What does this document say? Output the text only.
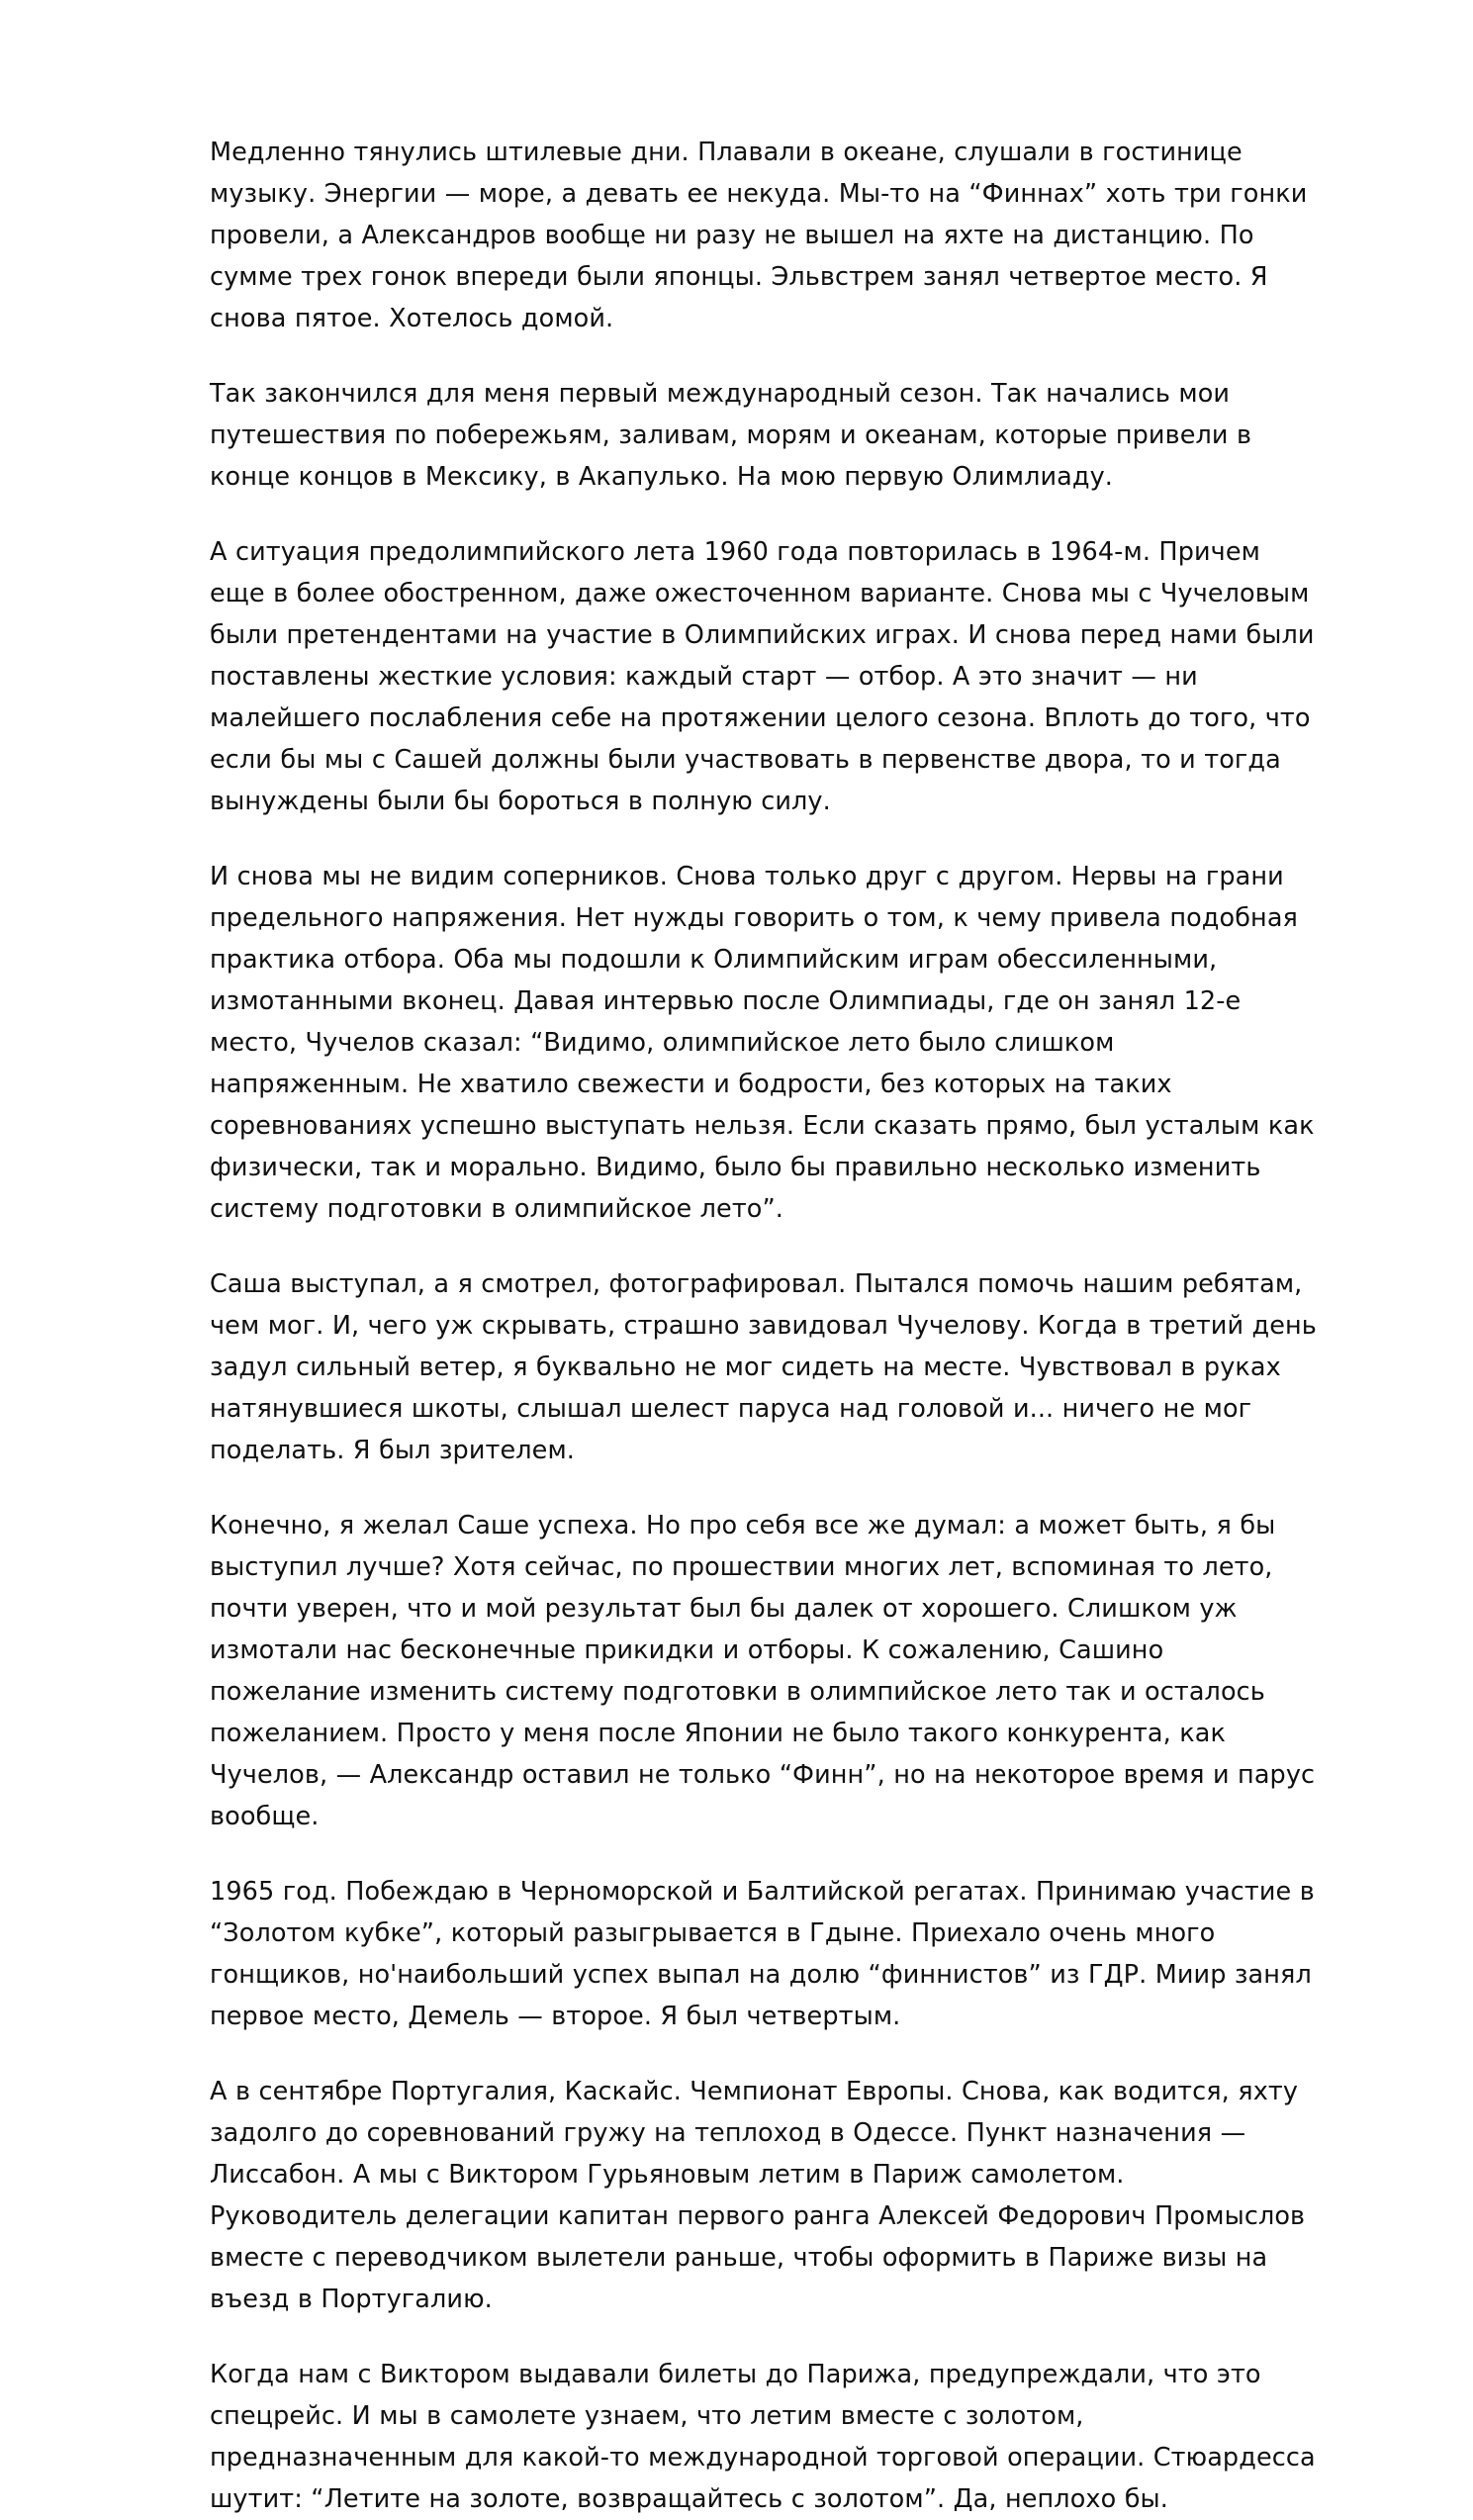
Медленно тянулись штилевые дни. Плавали в океане, слушали в гостинице музыку. Энергии — море, а девать ее некуда. Мы-то на “Финнах” хоть три гонки провели, а Александров вообще ни разу не вышел на яхте на дистанцию. По сумме трех гонок впереди были японцы. Эльвстрем занял четвертое место. Я снова пятое. Хотелось домой.

Так закончился для меня первый международный сезон. Так начались мои путешествия по побережьям, заливам, морям и океанам, которые привели в конце концов в Мексику, в Акапулько. На мою первую Олимлиаду.

А ситуация предолимпийского лета 1960 года повторилась в 1964-м. Причем еще в более обостренном, даже ожесточенном варианте. Снова мы с Чучеловым были претендентами на участие в Олимпийских играх. И снова перед нами были поставлены жесткие условия: каждый старт — отбор. А это значит — ни малейшего послабления себе на протяжении целого сезона. Вплоть до того, что если бы мы с Сашей должны были участвовать в первенстве двора, то и тогда вынуждены были бы бороться в полную силу.

И снова мы не видим соперников. Снова только друг с другом. Нервы на грани предельного напряжения. Нет нужды говорить о том, к чему привела подобная практика отбора. Оба мы подошли к Олимпийским играм обессиленными, измотанными вконец. Давая интервью после Олимпиады, где он занял 12-е место, Чучелов сказал: “Видимо, олимпийское лето было слишком напряженным. Не хватило свежести и бодрости, без которых на таких соревнованиях успешно выступать нельзя. Если сказать прямо, был усталым как физически, так и морально. Видимо, было бы правильно несколько изменить систему подготовки в олимпийское лето”.

Саша выступал, а я смотрел, фотографировал. Пытался помочь нашим ребятам, чем мог. И, чего уж скрывать, страшно завидовал Чучелову. Когда в третий день задул сильный ветер, я буквально не мог сидеть на месте. Чувствовал в руках натянувшиеся шкоты, слышал шелест паруса над головой и... ничего не мог поделать. Я был зрителем.

Конечно, я желал Саше успеха. Но про себя все же думал: а может быть, я бы выступил лучше? Хотя сейчас, по прошествии многих лет, вспоминая то лето, почти уверен, что и мой результат был бы далек от хорошего. Слишком уж измотали нас бесконечные прикидки и отборы. К сожалению, Сашино пожелание изменить систему подготовки в олимпийское лето так и осталось пожеланием. Просто у меня после Японии не было такого конкурента, как Чучелов, — Александр оставил не только “Финн”, но на некоторое время и парус вообще.

1965 год. Побеждаю в Черноморской и Балтийской регатах. Принимаю участие в “Золотом кубке”, который разыгрывается в Гдыне. Приехало очень много гонщиков, но'наибольший успех выпал на долю “финнистов” из ГДР. Миир занял первое место, Демель — второе. Я был четвертым.

А в сентябре Португалия, Каскайс. Чемпионат Европы. Снова, как водится, яхту задолго до соревнований гружу на теплоход в Одессе. Пункт назначения — Лиссабон. А мы с Виктором Гурьяновым летим в Париж самолетом. Руководитель делегации капитан первого ранга Алексей Федорович Промыслов вместе с переводчиком вылетели раньше, чтобы оформить в Париже визы на въезд в Португалию.

Когда нам с Виктором выдавали билеты до Парижа, предупреждали, что это спецрейс. И мы в самолете узнаем, что летим вместе с золотом, предназначенным для какой-то международной торговой операции. Стюардесса шутит: “Летите на золоте, возвращайтесь с золотом”. Да, неплохо бы.
